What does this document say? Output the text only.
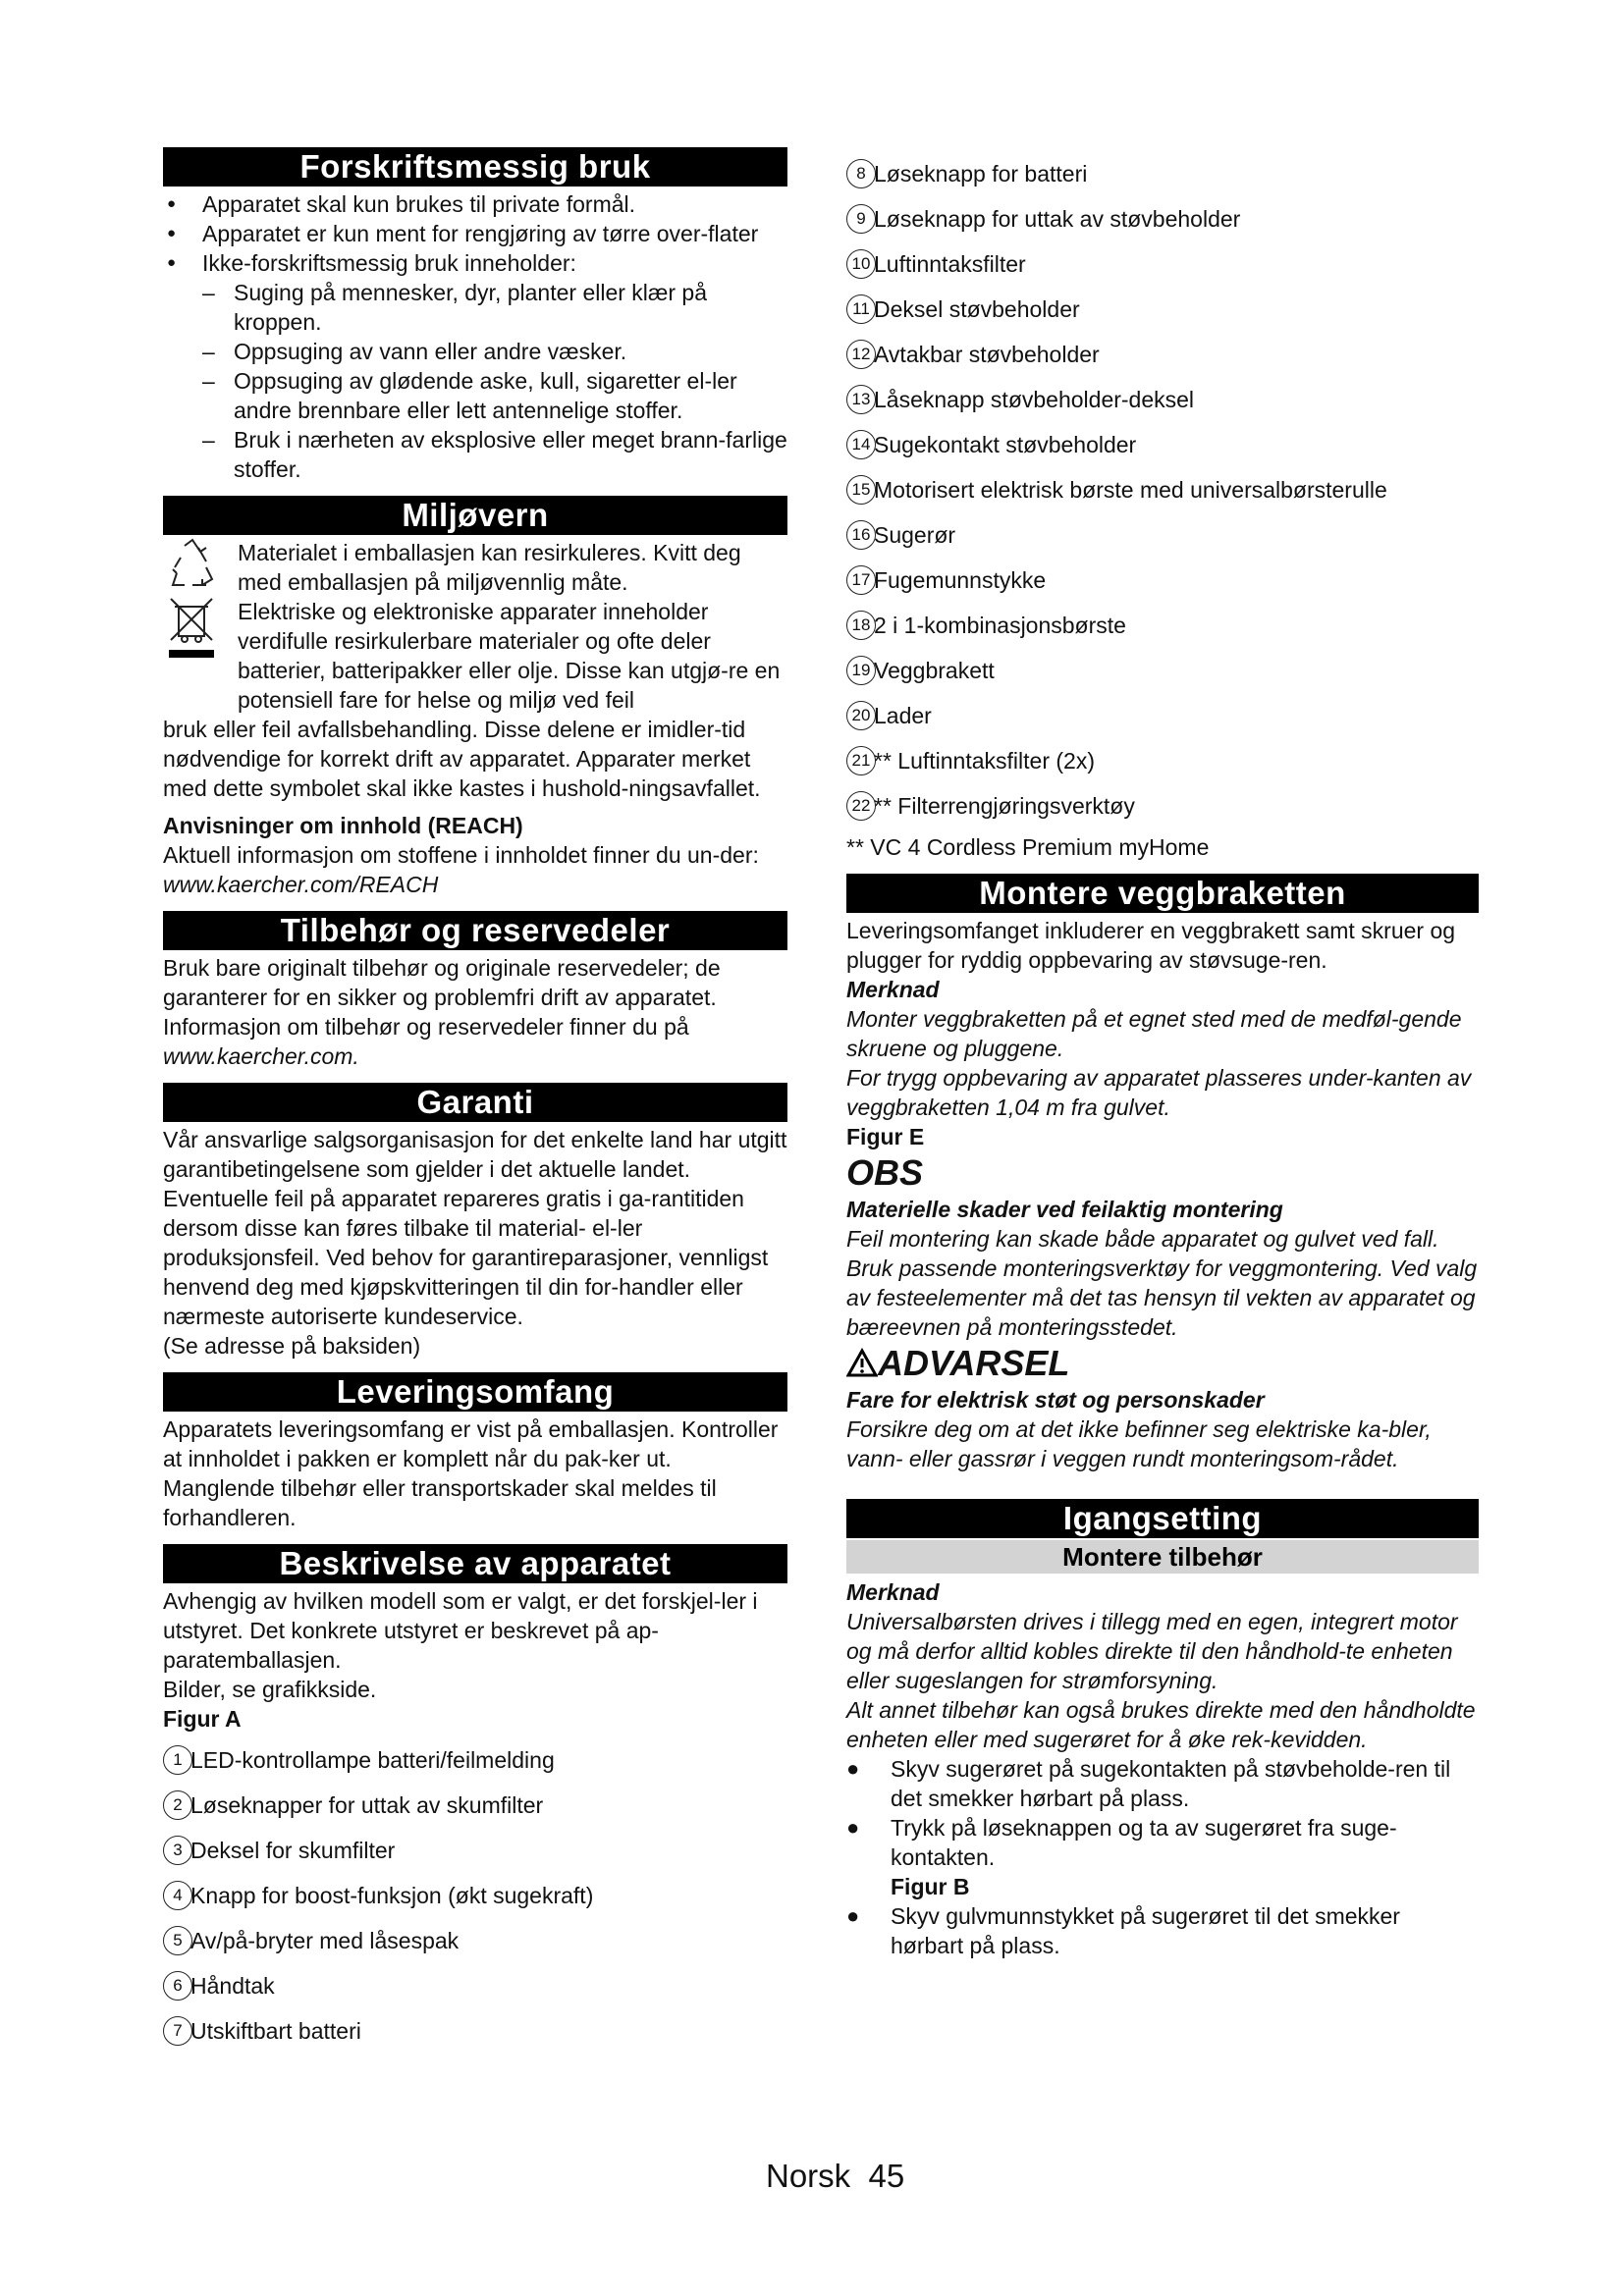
Forskriftsmessig bruk
● Apparatet skal kun brukes til private formål.
● Apparatet er kun ment for rengjøring av tørre over-flater
● Ikke-forskriftsmessig bruk inneholder:
– Suging på mennesker, dyr, planter eller klær på kroppen.
– Oppsuging av vann eller andre væsker.
– Oppsuging av glødende aske, kull, sigaretter el-ler andre brennbare eller lett antennelige stoffer.
– Bruk i nærheten av eksplosive eller meget brann-farlige stoffer.
Miljøvern

Materialet i emballasjen kan resirkuleres. Kvitt deg med emballasjen på miljøvennlig måte.

Elektriske og elektroniske apparater inneholder verdifulle resirkulerbare materialer og ofte deler batterier, batteripakker eller olje. Disse kan utgjø-re en potensiell fare for helse og miljø ved feil

bruk eller feil avfallsbehandling. Disse delene er imidler-tid nødvendige for korrekt drift av apparatet. Apparater merket med dette symbolet skal ikke kastes i hushold-ningsavfallet.

Anvisninger om innhold (REACH)

Aktuell informasjon om stoffene i innholdet finner du un-der: www.kaercher.com/REACH

Tilbehør og reservedeler

Bruk bare originalt tilbehør og originale reservedeler; de garanterer for en sikker og problemfri drift av apparatet. Informasjon om tilbehør og reservedeler finner du på www.kaercher.com.

Garanti

Vår ansvarlige salgsorganisasjon for det enkelte land har utgitt garantibetingelsene som gjelder i det aktuelle landet. Eventuelle feil på apparatet repareres gratis i ga-rantitiden dersom disse kan føres tilbake til material- el-ler produksjonsfeil. Ved behov for garantireparasjoner, vennligst henvend deg med kjøpskvitteringen til din for-handler eller nærmeste autoriserte kundeservice.

(Se adresse på baksiden)

Leveringsomfang

Apparatets leveringsomfang er vist på emballasjen. Kontroller at innholdet i pakken er komplett når du pak-ker ut. Manglende tilbehør eller transportskader skal meldes til forhandleren.

Beskrivelse av apparatet

Avhengig av hvilken modell som er valgt, er det forskjel-ler i utstyret. Det konkrete utstyret er beskrevet på ap-paratemballasjen.

Bilder, se grafikkside.

Figur A

1 LED-kontrollampe batteri/feilmelding
2 Løseknapper for uttak av skumfilter
3 Deksel for skumfilter
4 Knapp for boost-funksjon (økt sugekraft)
5 Av/på-bryter med låsespak
6 Håndtak
7 Utskiftbart batteri
8 Løseknapp for batteri
9 Løseknapp for uttak av støvbeholder
10 Luftinntaksfilter
11 Deksel støvbeholder
12 Avtakbar støvbeholder
13 Låseknapp støvbeholder-deksel
14 Sugekontakt støvbeholder
15 Motorisert elektrisk børste med universalbørsterulle
16 Sugerør
17 Fugemunnstykke
18 2 i 1-kombinasjonsbørste
19 Veggbrakett
20 Lader
21 ** Luftinntaksfilter (2x)
22 ** Filterrengjøringsverktøy

** VC 4 Cordless Premium myHome

Montere veggbraketten

Leveringsomfanget inkluderer en veggbrakett samt skruer og plugger for ryddig oppbevaring av støvsuge-ren.

Merknad

Monter veggbraketten på et egnet sted med de medføl-gende skruene og pluggene.

For trygg oppbevaring av apparatet plasseres under-kanten av veggbraketten 1,04 m fra gulvet.

Figur E

OBS

Materielle skader ved feilaktig montering

Feil montering kan skade både apparatet og gulvet ved fall.

Bruk passende monteringsverktøy for veggmontering. Ved valg av festeelementer må det tas hensyn til vekten av apparatet og bæreevnen på monteringsstedet.

ADVARSEL

Fare for elektrisk støt og personskader

Forsikre deg om at det ikke befinner seg elektriske ka-bler, vann- eller gassrør i veggen rundt monteringsom-rådet.

Igangsetting
Montere tilbehør

Merknad

Universalbørsten drives i tillegg med en egen, integrert motor og må derfor alltid kobles direkte til den håndhold-te enheten eller sugeslangen for strømforsyning.

Alt annet tilbehør kan også brukes direkte med den håndholdte enheten eller med sugerøret for å øke rek-kevidden.

● Skyv sugerøret på sugekontakten på støvbeholde-ren til det smekker hørbart på plass.
● Trykk på løseknappen og ta av sugerøret fra suge-kontakten.

Figur B

● Skyv gulvmunnstykket på sugerøret til det smekker hørbart på plass.
Norsk 45
